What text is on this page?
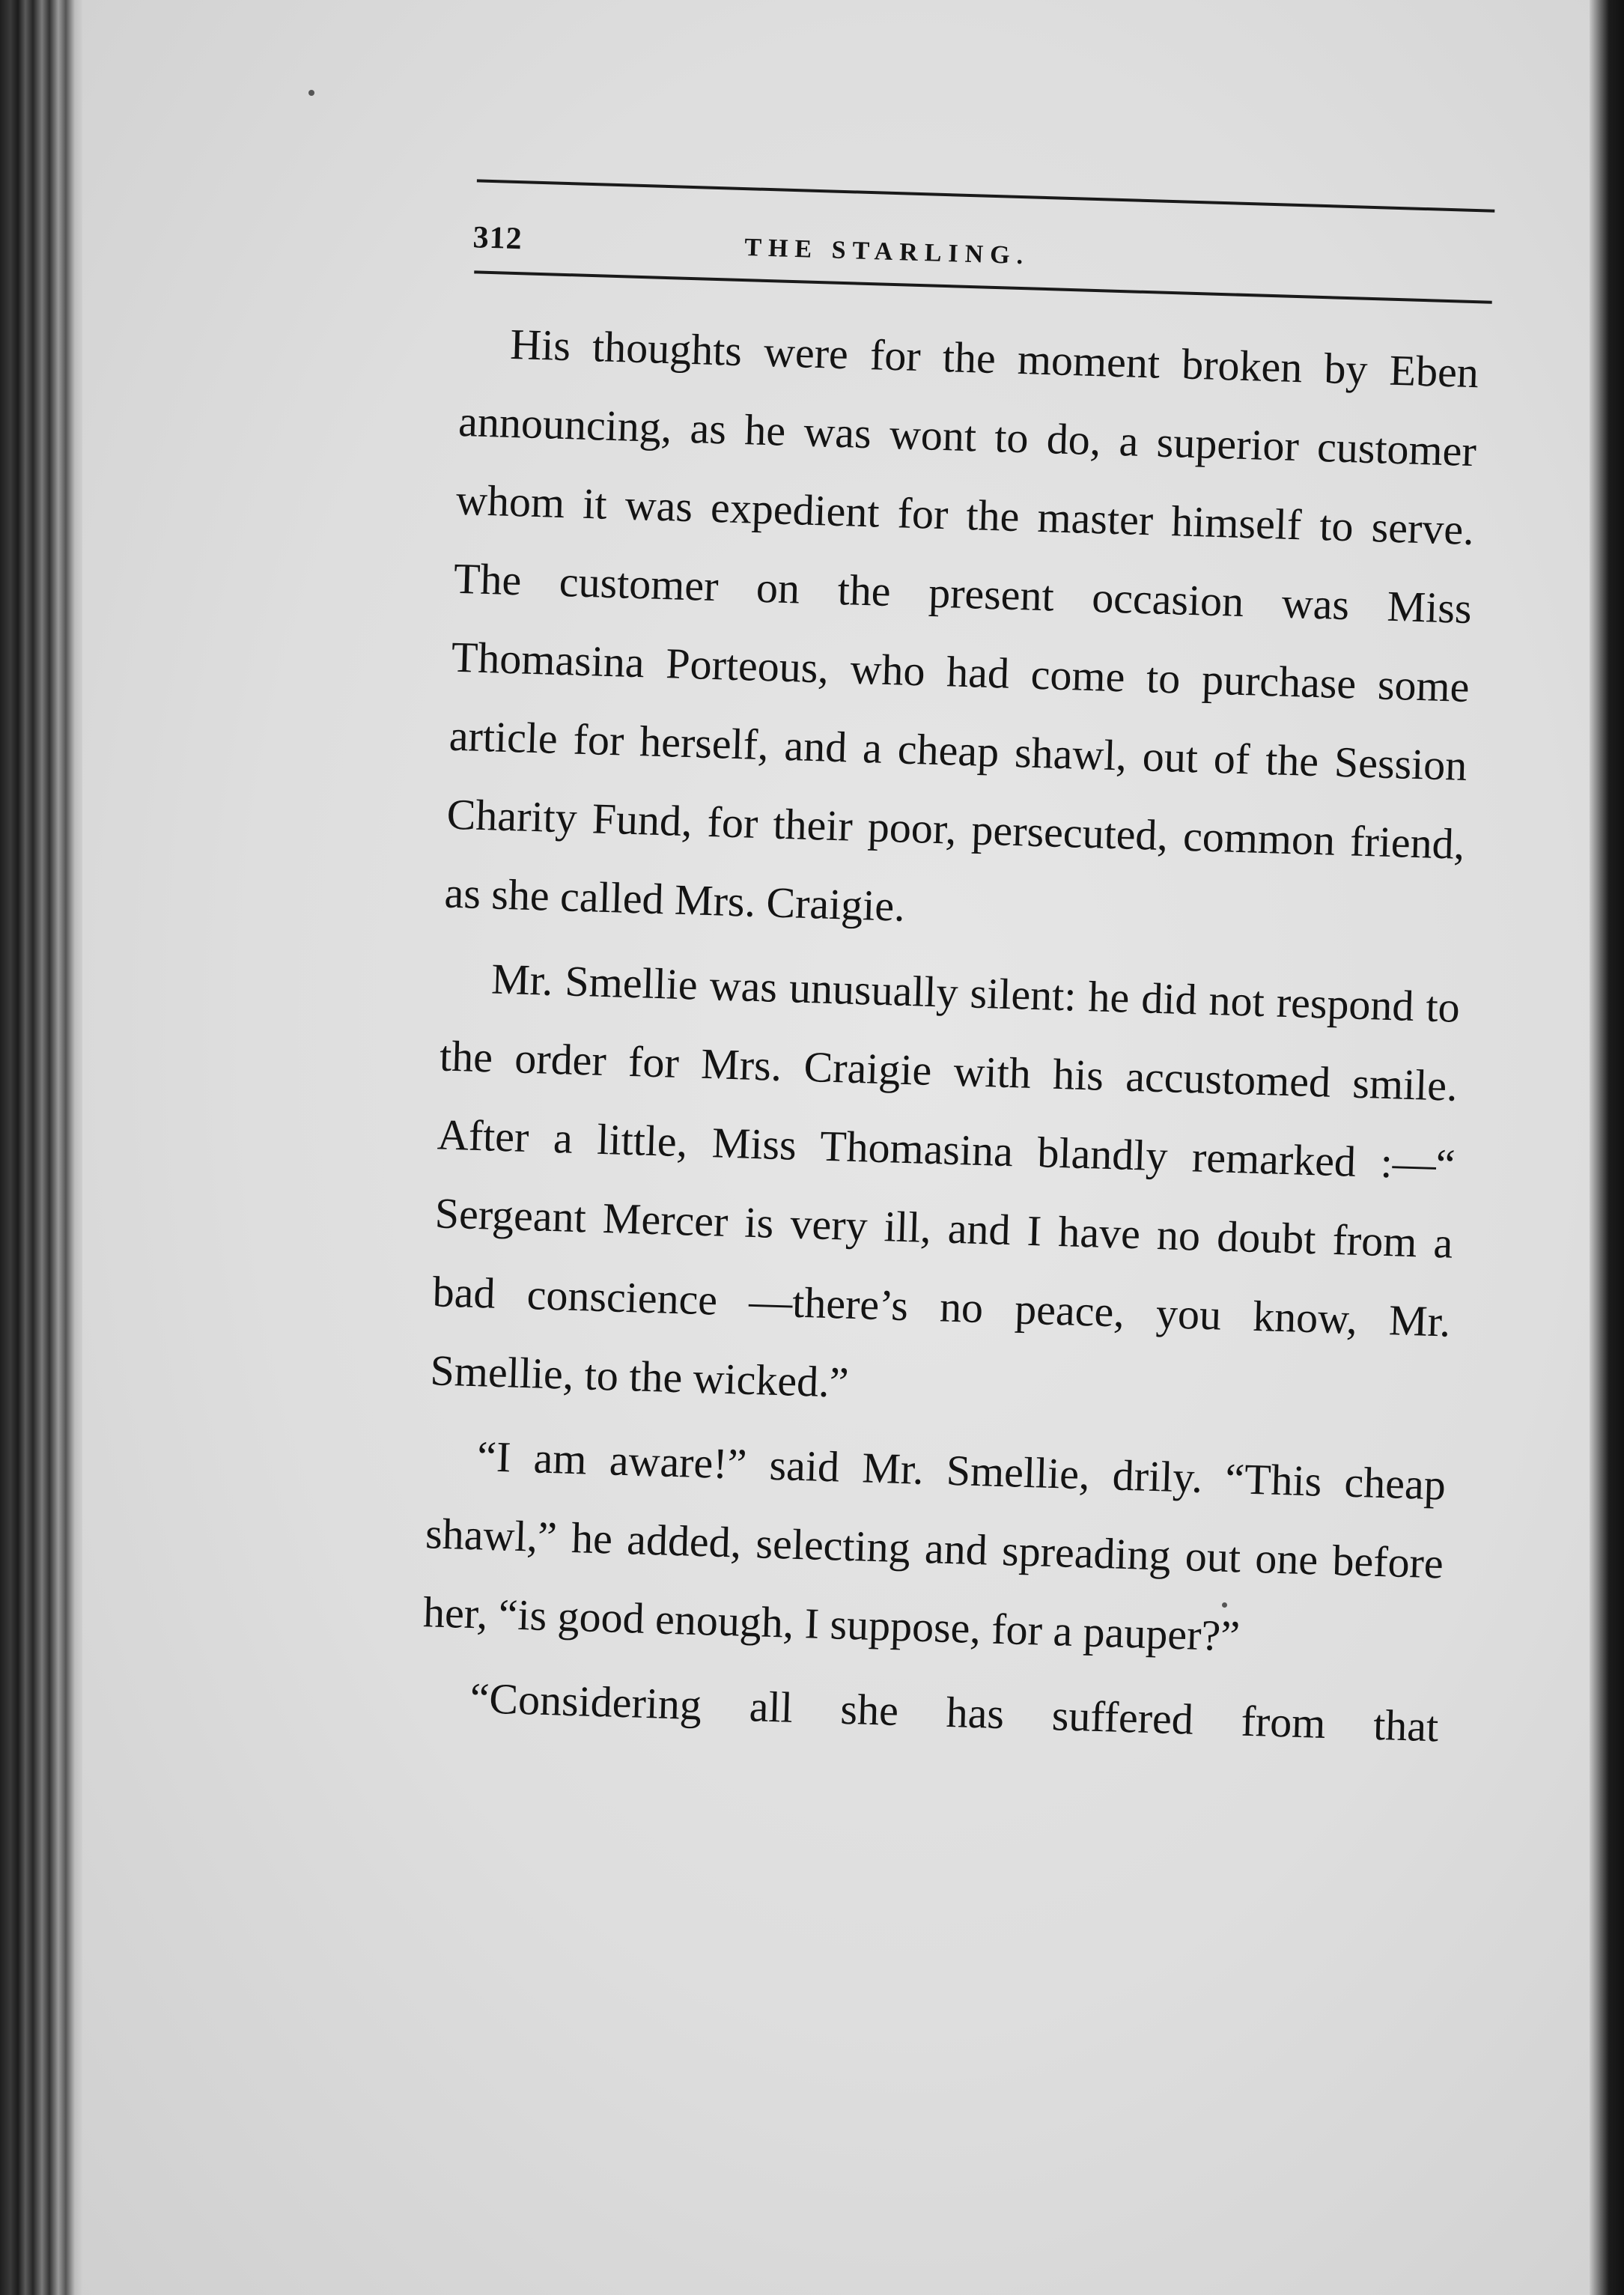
312	THE STARLING.

His thoughts were for the moment broken by Eben announcing, as he was wont to do, a superior customer whom it was expedient for the master himself to serve. The customer on the present occasion was Miss Thomasina Porteous, who had come to purchase some article for herself, and a cheap shawl, out of the Session Charity Fund, for their poor, persecuted, common friend, as she called Mrs. Craigie.

Mr. Smellie was unusually silent: he did not respond to the order for Mrs. Craigie with his accustomed smile. After a little, Miss Thomasina blandly remarked :—“ Sergeant Mercer is very ill, and I have no doubt from a bad conscience —there’s no peace, you know, Mr. Smellie, to the wicked.”

“I am aware!” said Mr. Smellie, drily. “This cheap shawl,” he added, selecting and spreading out one before her, “is good enough, I suppose, for a pauper?”

“Considering all she has suffered from that
